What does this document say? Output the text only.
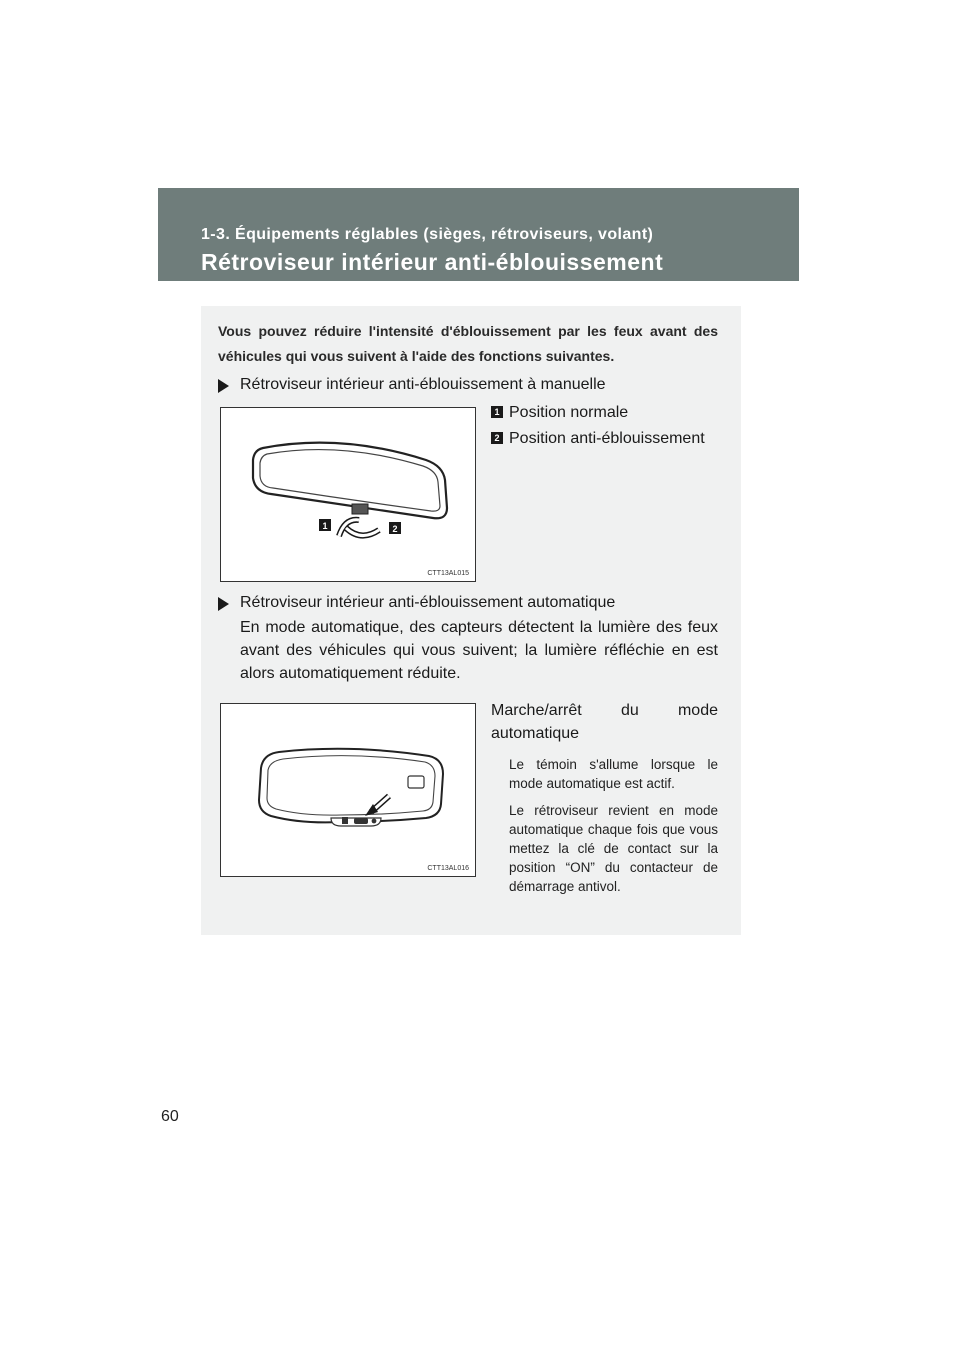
1-3. Équipements réglables (sièges, rétroviseurs, volant)
Rétroviseur intérieur anti-éblouissement
Vous pouvez réduire l'intensité d'éblouissement par les feux avant des véhicules qui vous suivent à l'aide des fonctions suivantes.
Rétroviseur intérieur anti-éblouissement à manuelle
1	2
CTT13AL015
1 Position normale
2 Position anti-éblouissement
Rétroviseur intérieur anti-éblouissement automatique
En mode automatique, des capteurs détectent la lumière des feux avant des véhicules qui vous suivent; la lumière réfléchie en est alors automatiquement réduite.
CTT13AL016
Marche/arrêt du mode automatique
Le témoin s'allume lorsque le mode automatique est actif.
Le rétroviseur revient en mode automatique chaque fois que vous mettez la clé de contact sur la position “ON” du contacteur de démarrage antivol.
60
